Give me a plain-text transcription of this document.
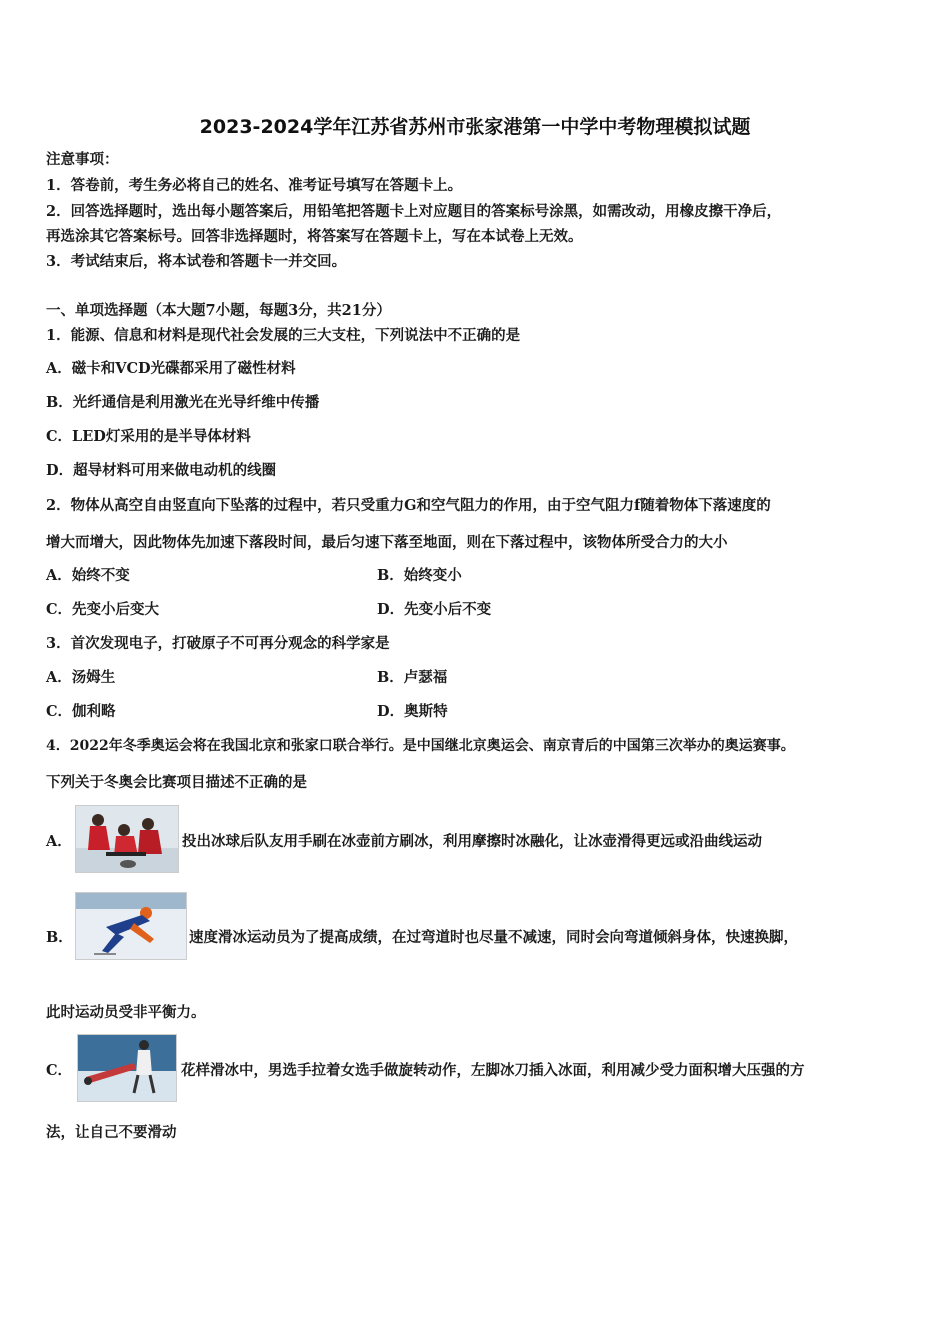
2023-2024学年江苏省苏州市张家港第一中学中考物理模拟试题
注意事项：
1．答卷前，考生务必将自己的姓名、准考证号填写在答题卡上。
2．回答选择题时，选出每小题答案后，用铅笔把答题卡上对应题目的答案标号涂黑，如需改动，用橡皮擦干净后，
再选涂其它答案标号。回答非选择题时，将答案写在答题卡上，写在本试卷上无效。
3．考试结束后，将本试卷和答题卡一并交回。
一、单项选择题（本大题7小题，每题3分，共21分）
1．能源、信息和材料是现代社会发展的三大支柱，下列说法中不正确的是
A．磁卡和VCD光碟都采用了磁性材料
B．光纤通信是利用激光在光导纤维中传播
C．LED灯采用的是半导体材料
D．超导材料可用来做电动机的线圈
2．物体从高空自由竖直向下坠落的过程中，若只受重力G和空气阻力的作用，由于空气阻力f随着物体下落速度的
增大而增大，因此物体先加速下落段时间，最后匀速下落至地面，则在下落过程中，该物体所受合力的大小
A．始终不变	B．始终变小
C．先变小后变大	D．先变小后不变
3．首次发现电子，打破原子不可再分观念的科学家是
A．汤姆生	B．卢瑟福
C．伽利略	D．奥斯特
4．2022年冬季奥运会将在我国北京和张家口联合举行。是中国继北京奥运会、南京青后的中国第三次举办的奥运赛事。
下列关于冬奥会比赛项目描述不正确的是
A．	投出冰球后队友用手刷在冰壶前方刷冰，利用摩擦时冰融化，让冰壶滑得更远或沿曲线运动
B．	速度滑冰运动员为了提高成绩，在过弯道时也尽量不减速，同时会向弯道倾斜身体，快速换脚，
此时运动员受非平衡力。
C．	花样滑冰中，男选手拉着女选手做旋转动作，左脚冰刀插入冰面，利用减少受力面积增大压强的方
法，让自己不要滑动
